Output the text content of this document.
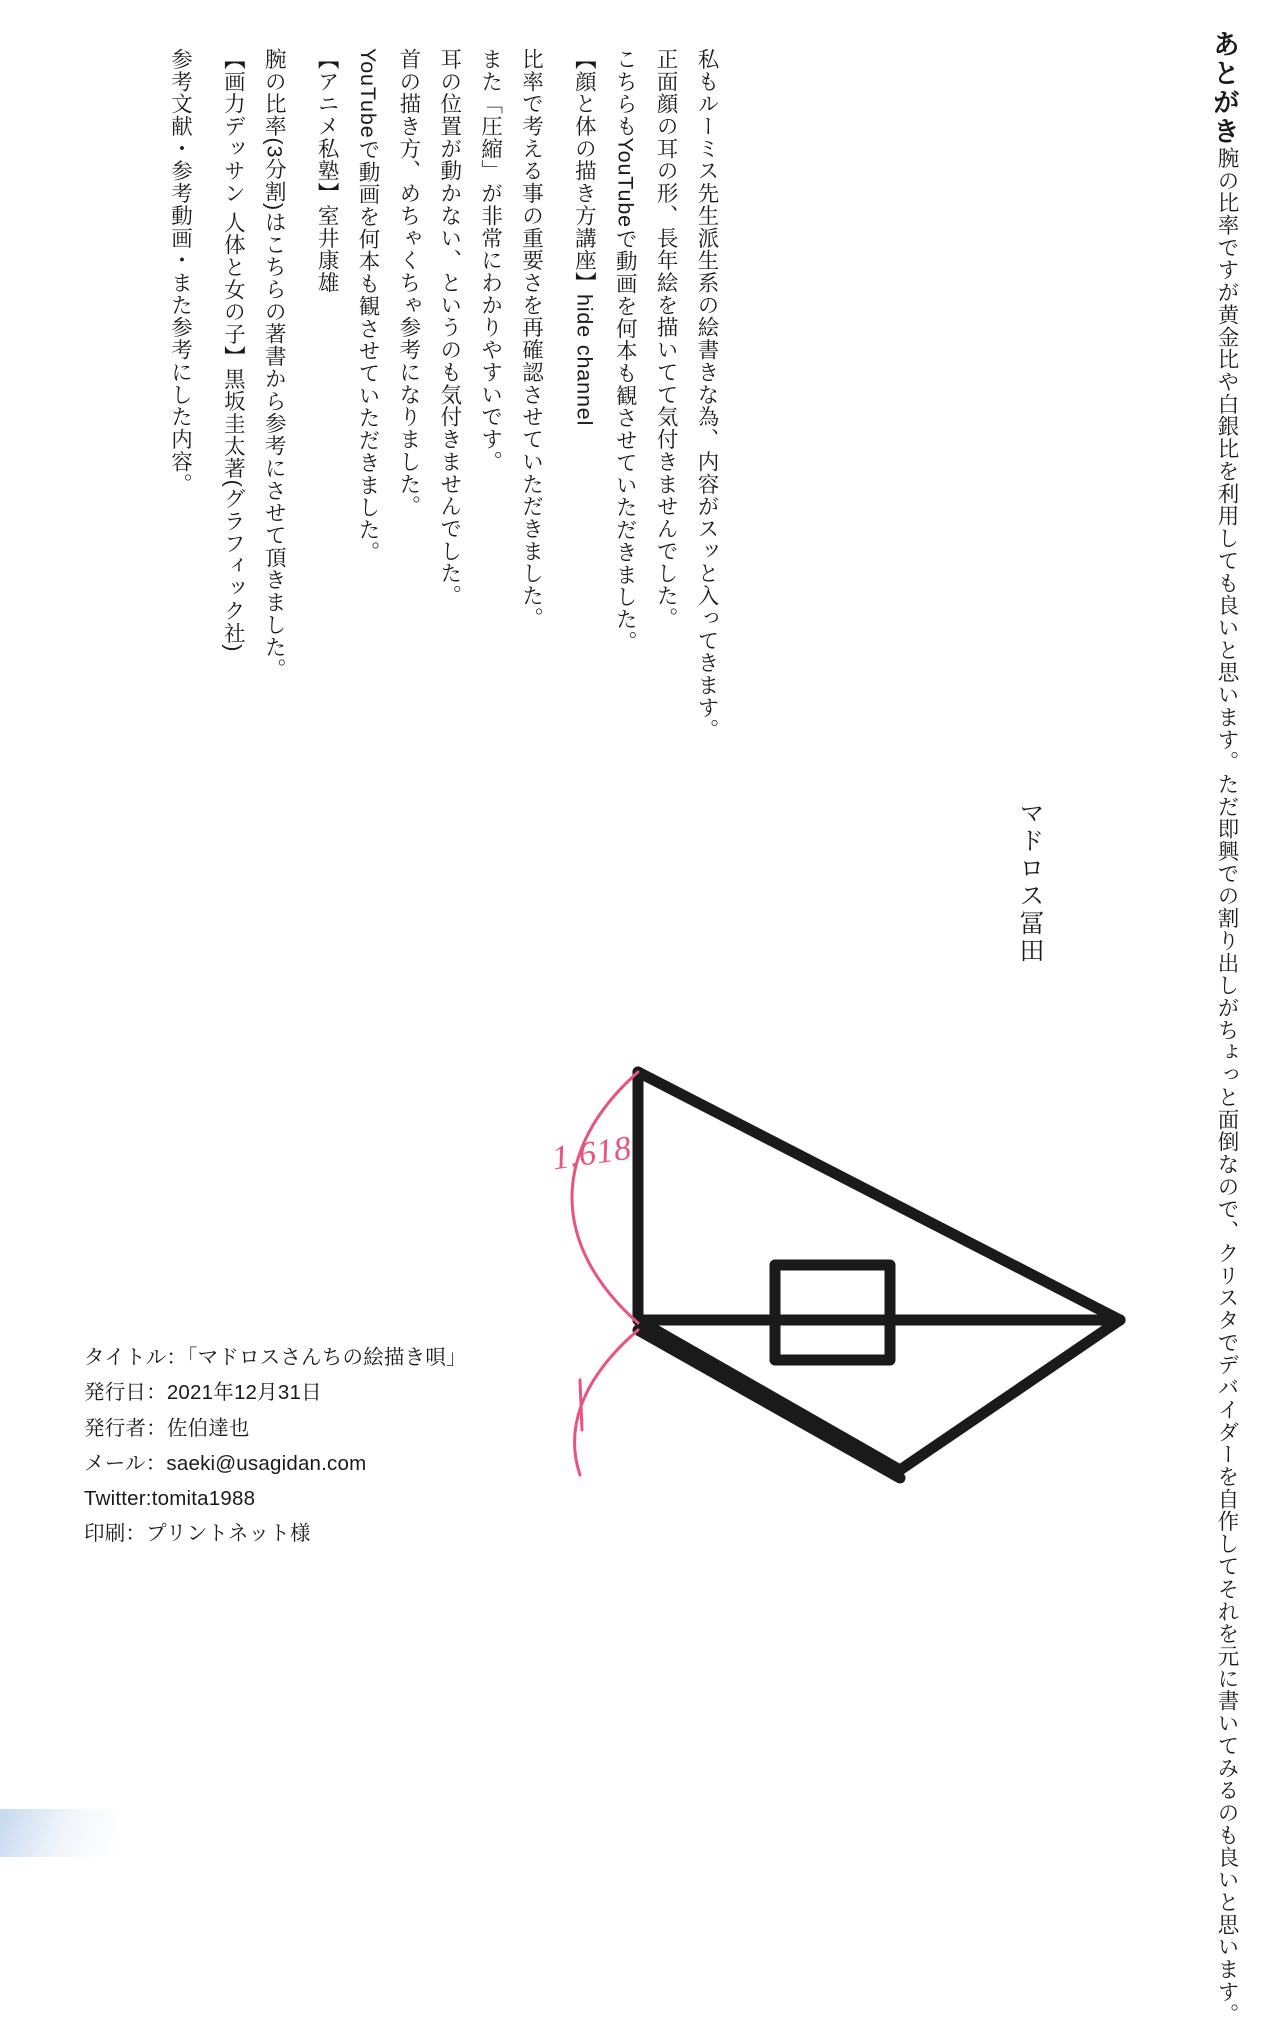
あとがき
腕の比率ですが黄金比や白銀比を利用しても良いと思います。
ただ即興での割り出しがちょっと面倒なので、
クリスタでデバイダーを自作して
それを元に書いてみるのも良いと思います。
マドロス冨田
参考文献・参考動画・また参考にした内容。 【画力デッサン 人体と女の子】黒坂圭太著(グラフィック社) 腕の比率(3分割)はこちらの著書から参考にさせて頂きました。 【アニメ私塾】室井康雄 YouTubeで動画を何本も観させていただきました。 首の描き方、めちゃくちゃ参考になりました。 耳の位置が動かない、というのも気付きませんでした。 また「圧縮」が非常にわかりやすいです。 比率で考える事の重要さを再確認させていただきました。 【顔と体の描き方講座】hide channel こちらもYouTubeで動画を何本も観させていただきました。 正面顔の耳の形、長年絵を描いてて気付きませんでした。 私もルーミス先生派生系の絵書きな為、内容がスッと入ってきます。
1.618
タイトル：「マドロスさんちの絵描き唄」
発行日：2021年12月31日
発行者：佐伯達也
メール：saeki@usagidan.com
Twitter:tomita1988
印刷：プリントネット様
